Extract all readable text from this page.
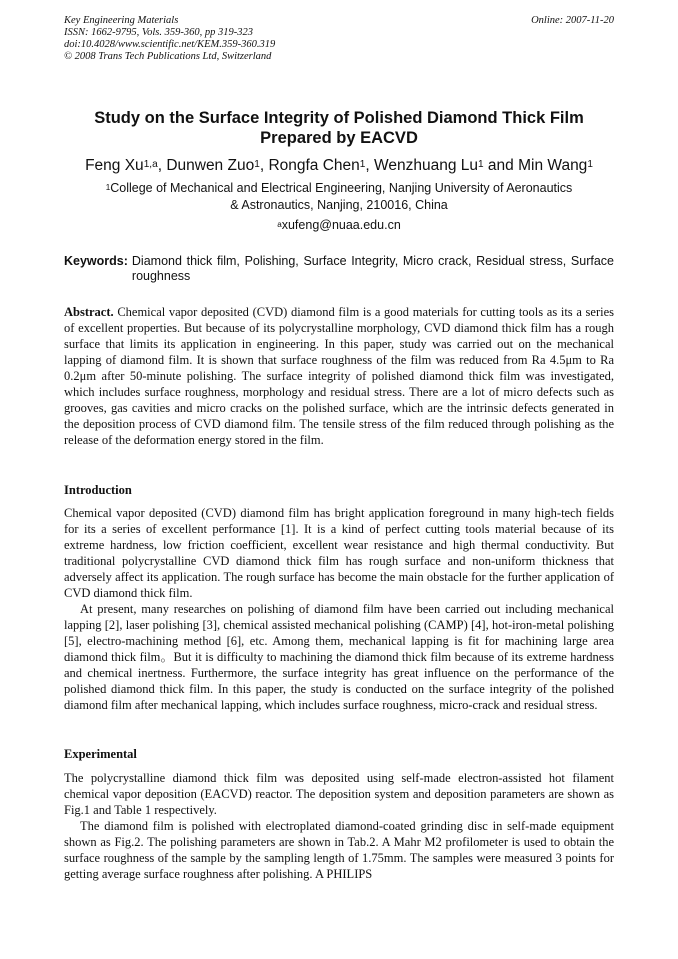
Key Engineering Materials
ISSN: 1662-9795, Vols. 359-360, pp 319-323
doi:10.4028/www.scientific.net/KEM.359-360.319
© 2008 Trans Tech Publications Ltd, Switzerland
Online: 2007-11-20
Study on the Surface Integrity of Polished Diamond Thick Film
Prepared by EACVD
Feng Xu$^{1,a}$, Dunwen Zuo$^1$, Rongfa Chen$^1$, Wenzhuang Lu$^1$ and Min Wang$^1$
$^1$College of Mechanical and Electrical Engineering, Nanjing University of Aeronautics
& Astronautics, Nanjing, 210016, China
$^a$xufeng@nuaa.edu.cn
Keywords: Diamond thick film, Polishing, Surface Integrity, Micro crack, Residual stress, Surface roughness
Abstract. Chemical vapor deposited (CVD) diamond film is a good materials for cutting tools as its a series of excellent properties. But because of its polycrystalline morphology, CVD diamond thick film has a rough surface that limits its application in engineering. In this paper, study was carried out on the mechanical lapping of diamond film. It is shown that surface roughness of the film was reduced from Ra 4.5μm to Ra 0.2μm after 50-minute polishing. The surface integrity of polished diamond thick film was investigated, which includes surface roughness, morphology and residual stress. There are a lot of micro defects such as grooves, gas cavities and micro cracks on the polished surface, which are the intrinsic defects generated in the deposition process of CVD diamond film. The tensile stress of the film reduced through polishing as the release of the deformation energy stored in the film.
Introduction
Chemical vapor deposited (CVD) diamond film has bright application foreground in many high-tech fields for its a series of excellent performance [1]. It is a kind of perfect cutting tools material because of its extreme hardness, low friction coefficient, excellent wear resistance and high thermal conductivity. But traditional polycrystalline CVD diamond thick film has rough surface and non-uniform thickness that adversely affect its application. The rough surface has become the main obstacle for the further application of CVD diamond thick film.
At present, many researches on polishing of diamond film have been carried out including mechanical lapping [2], laser polishing [3], chemical assisted mechanical polishing (CAMP) [4], hot-iron-metal polishing [5], electro-machining method [6], etc. Among them, mechanical lapping is fit for machining large area diamond thick film。But it is difficulty to machining the diamond thick film because of its extreme hardness and chemical inertness. Furthermore, the surface integrity has great influence on the performance of the polished diamond thick film. In this paper, the study is conducted on the surface integrity of the polished diamond film after mechanical lapping, which includes surface roughness, micro-crack and residual stress.
Experimental
The polycrystalline diamond thick film was deposited using self-made electron-assisted hot filament chemical vapor deposition (EACVD) reactor. The deposition system and deposition parameters are shown as Fig.1 and Table 1 respectively.
The diamond film is polished with electroplated diamond-coated grinding disc in self-made equipment shown as Fig.2. The polishing parameters are shown in Tab.2. A Mahr M2 profilometer is used to obtain the surface roughness of the sample by the sampling length of 1.75mm. The samples were measured 3 points for getting average surface roughness after polishing. A PHILIPS
